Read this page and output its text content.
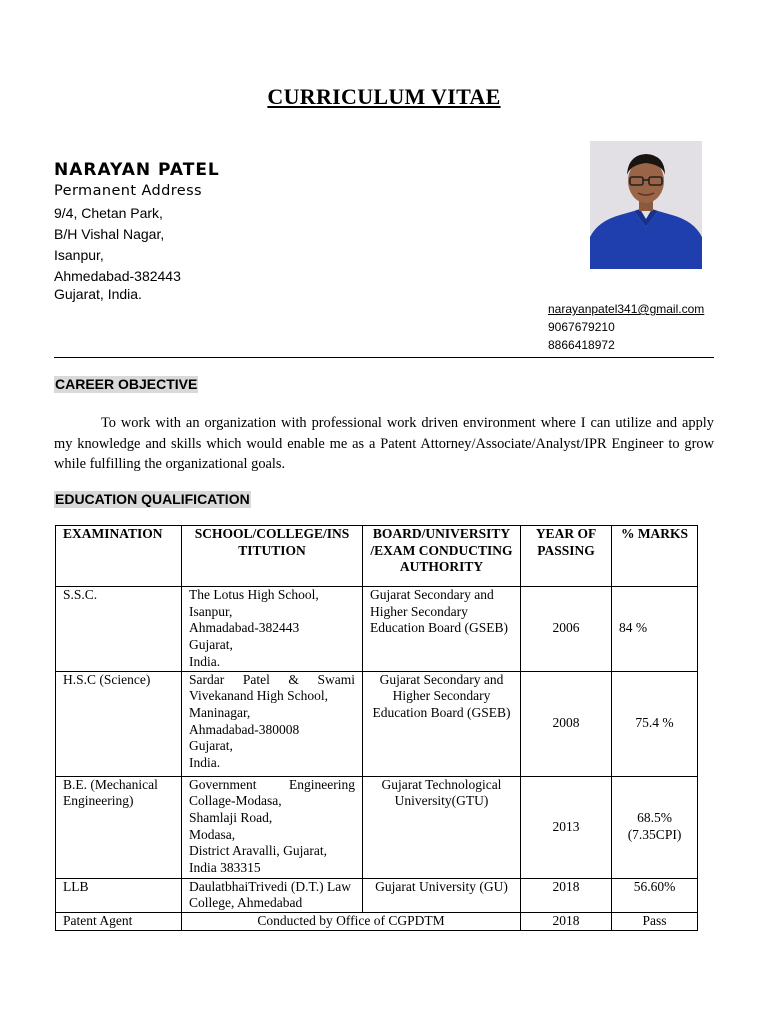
CURRICULUM VITAE
NARAYAN PATEL
Permanent Address
9/4, Chetan Park,
B/H Vishal Nagar,
Isanpur,
Ahmedabad-382443
Gujarat, India.
narayanpatel341@gmail.com
9067679210
8866418972
CAREER OBJECTIVE
To work with an organization with professional work driven environment where I can utilize and apply my knowledge and skills which would enable me as a Patent Attorney/Associate/Analyst/IPR Engineer to grow while fulfilling the organizational goals.
EDUCATION QUALIFICATION
EXAMINATION	SCHOOL/COLLEGE/INS TITUTION	BOARD/UNIVERSITY /EXAM CONDUCTING AUTHORITY	YEAR OF PASSING	% MARKS
S.S.C.	The Lotus High School,
Isanpur,
Ahmadabad-382443
Gujarat,
India.	Gujarat Secondary and Higher Secondary Education Board (GSEB)	2006	84 %
H.S.C (Science)	Sardar Patel & Swami Vivekanand High School,
Maninagar,
Ahmadabad-380008
Gujarat,
India.	Gujarat Secondary and Higher Secondary Education Board (GSEB)	2008	75.4 %
B.E. (Mechanical Engineering)	Government Engineering Collage-Modasa,
Shamlaji Road,
Modasa,
District Aravalli, Gujarat,
India 383315	Gujarat Technological University(GTU)	2013	68.5%
(7.35CPI)
LLB	DaulatbhaiTrivedi (D.T.) Law College, Ahmedabad	Gujarat University (GU)	2018	56.60%
Patent Agent	Conducted by Office of CGPDTM		2018	Pass
